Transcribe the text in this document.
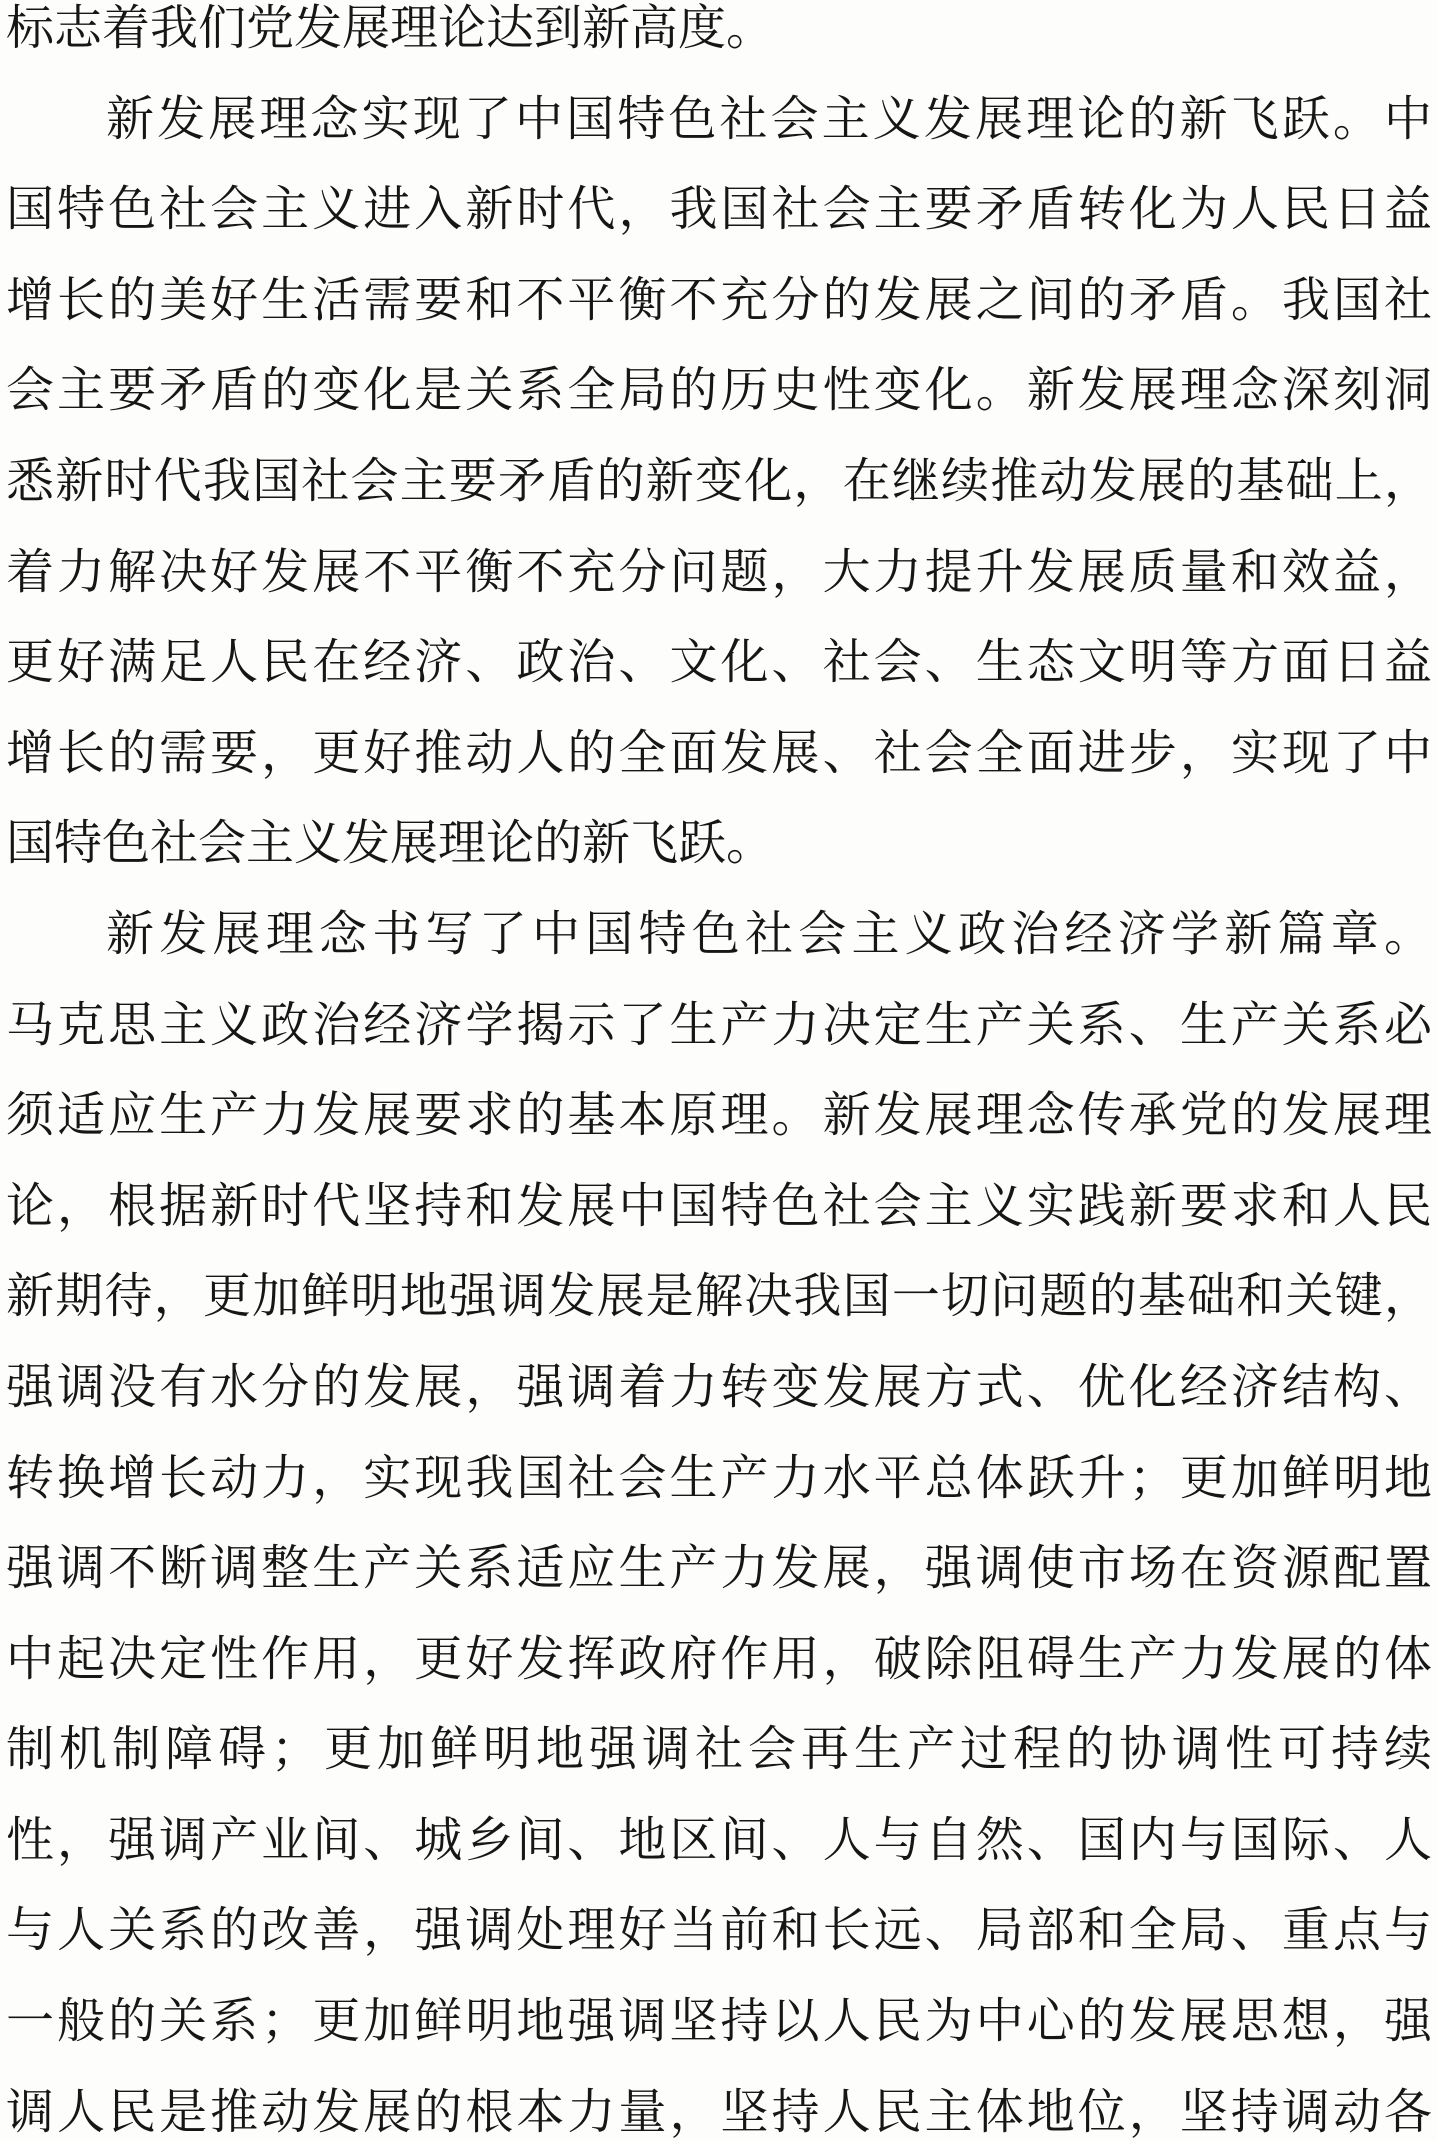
标志着我们党发展理论达到新高度。
新发展理念实现了中国特色社会主义发展理论的新飞跃。中
国特色社会主义进入新时代，我国社会主要矛盾转化为人民日益
增长的美好生活需要和不平衡不充分的发展之间的矛盾。我国社
会主要矛盾的变化是关系全局的历史性变化。新发展理念深刻洞
悉新时代我国社会主要矛盾的新变化，在继续推动发展的基础上，
着力解决好发展不平衡不充分问题，大力提升发展质量和效益，
更好满足人民在经济、政治、文化、社会、生态文明等方面日益
增长的需要，更好推动人的全面发展、社会全面进步，实现了中
国特色社会主义发展理论的新飞跃。
新发展理念书写了中国特色社会主义政治经济学新篇章。
马克思主义政治经济学揭示了生产力决定生产关系、生产关系必
须适应生产力发展要求的基本原理。新发展理念传承党的发展理
论，根据新时代坚持和发展中国特色社会主义实践新要求和人民
新期待，更加鲜明地强调发展是解决我国一切问题的基础和关键，
强调没有水分的发展，强调着力转变发展方式、优化经济结构、
转换增长动力，实现我国社会生产力水平总体跃升；更加鲜明地
强调不断调整生产关系适应生产力发展，强调使市场在资源配置
中起决定性作用，更好发挥政府作用，破除阻碍生产力发展的体
制机制障碍；更加鲜明地强调社会再生产过程的协调性可持续
性，强调产业间、城乡间、地区间、人与自然、国内与国际、人
与人关系的改善，强调处理好当前和长远、局部和全局、重点与
一般的关系；更加鲜明地强调坚持以人民为中心的发展思想，强
调人民是推动发展的根本力量，坚持人民主体地位，坚持调动各
